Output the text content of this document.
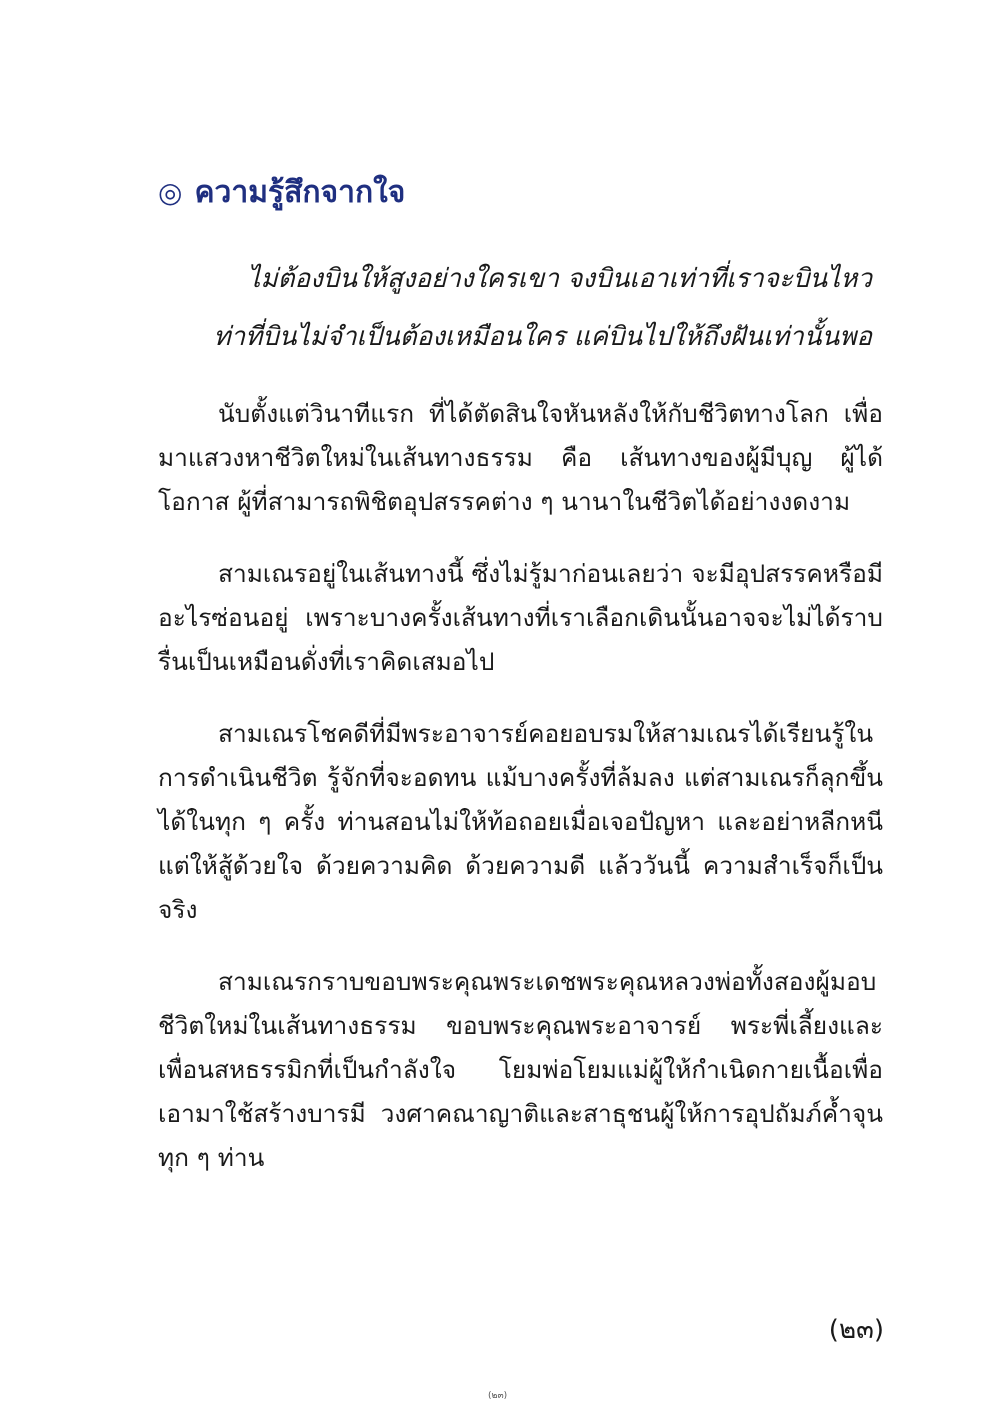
◎ ความรู้สึกจากใจ
ไม่ต้องบินให้สูงอย่างใครเขา จงบินเอาเท่าที่เราจะบินไหว
ท่าที่บินไม่จำเป็นต้องเหมือนใคร แค่บินไปให้ถึงฝันเท่านั้นพอ

นับตั้งแต่วินาทีแรก ที่ได้ตัดสินใจหันหลังให้กับชีวิตทางโลก เพื่อมาแสวงหาชีวิตใหม่ในเส้นทางธรรม คือ เส้นทางของผู้มีบุญ ผู้ได้โอกาส ผู้ที่สามารถพิชิตอุปสรรคต่าง ๆ นานาในชีวิตได้อย่างงดงาม

สามเณรอยู่ในเส้นทางนี้ ซึ่งไม่รู้มาก่อนเลยว่า จะมีอุปสรรคหรือมีอะไรซ่อนอยู่ เพราะบางครั้งเส้นทางที่เราเลือกเดินนั้นอาจจะไม่ได้ราบรื่นเป็นเหมือนดั่งที่เราคิดเสมอไป

สามเณรโชคดีที่มีพระอาจารย์คอยอบรมให้สามเณรได้เรียนรู้ในการดำเนินชีวิต รู้จักที่จะอดทน แม้บางครั้งที่ล้มลง แต่สามเณรก็ลุกขึ้นได้ในทุก ๆ ครั้ง ท่านสอนไม่ให้ท้อถอยเมื่อเจอปัญหา และอย่าหลีกหนี แต่ให้สู้ด้วยใจ ด้วยความคิด ด้วยความดี แล้ววันนี้ ความสำเร็จก็เป็นจริง

สามเณรกราบขอบพระคุณพระเดชพระคุณหลวงพ่อทั้งสองผู้มอบชีวิตใหม่ในเส้นทางธรรม ขอบพระคุณพระอาจารย์ พระพี่เลี้ยงและเพื่อนสหธรรมิกที่เป็นกำลังใจ โยมพ่อโยมแม่ผู้ให้กำเนิดกายเนื้อเพื่อเอามาใช้สร้างบารมี วงศาคณาญาติและสาธุชนผู้ให้การอุปถัมภ์ค้ำจุนทุก ๆ ท่าน

(๒๓)
(๒๓)
